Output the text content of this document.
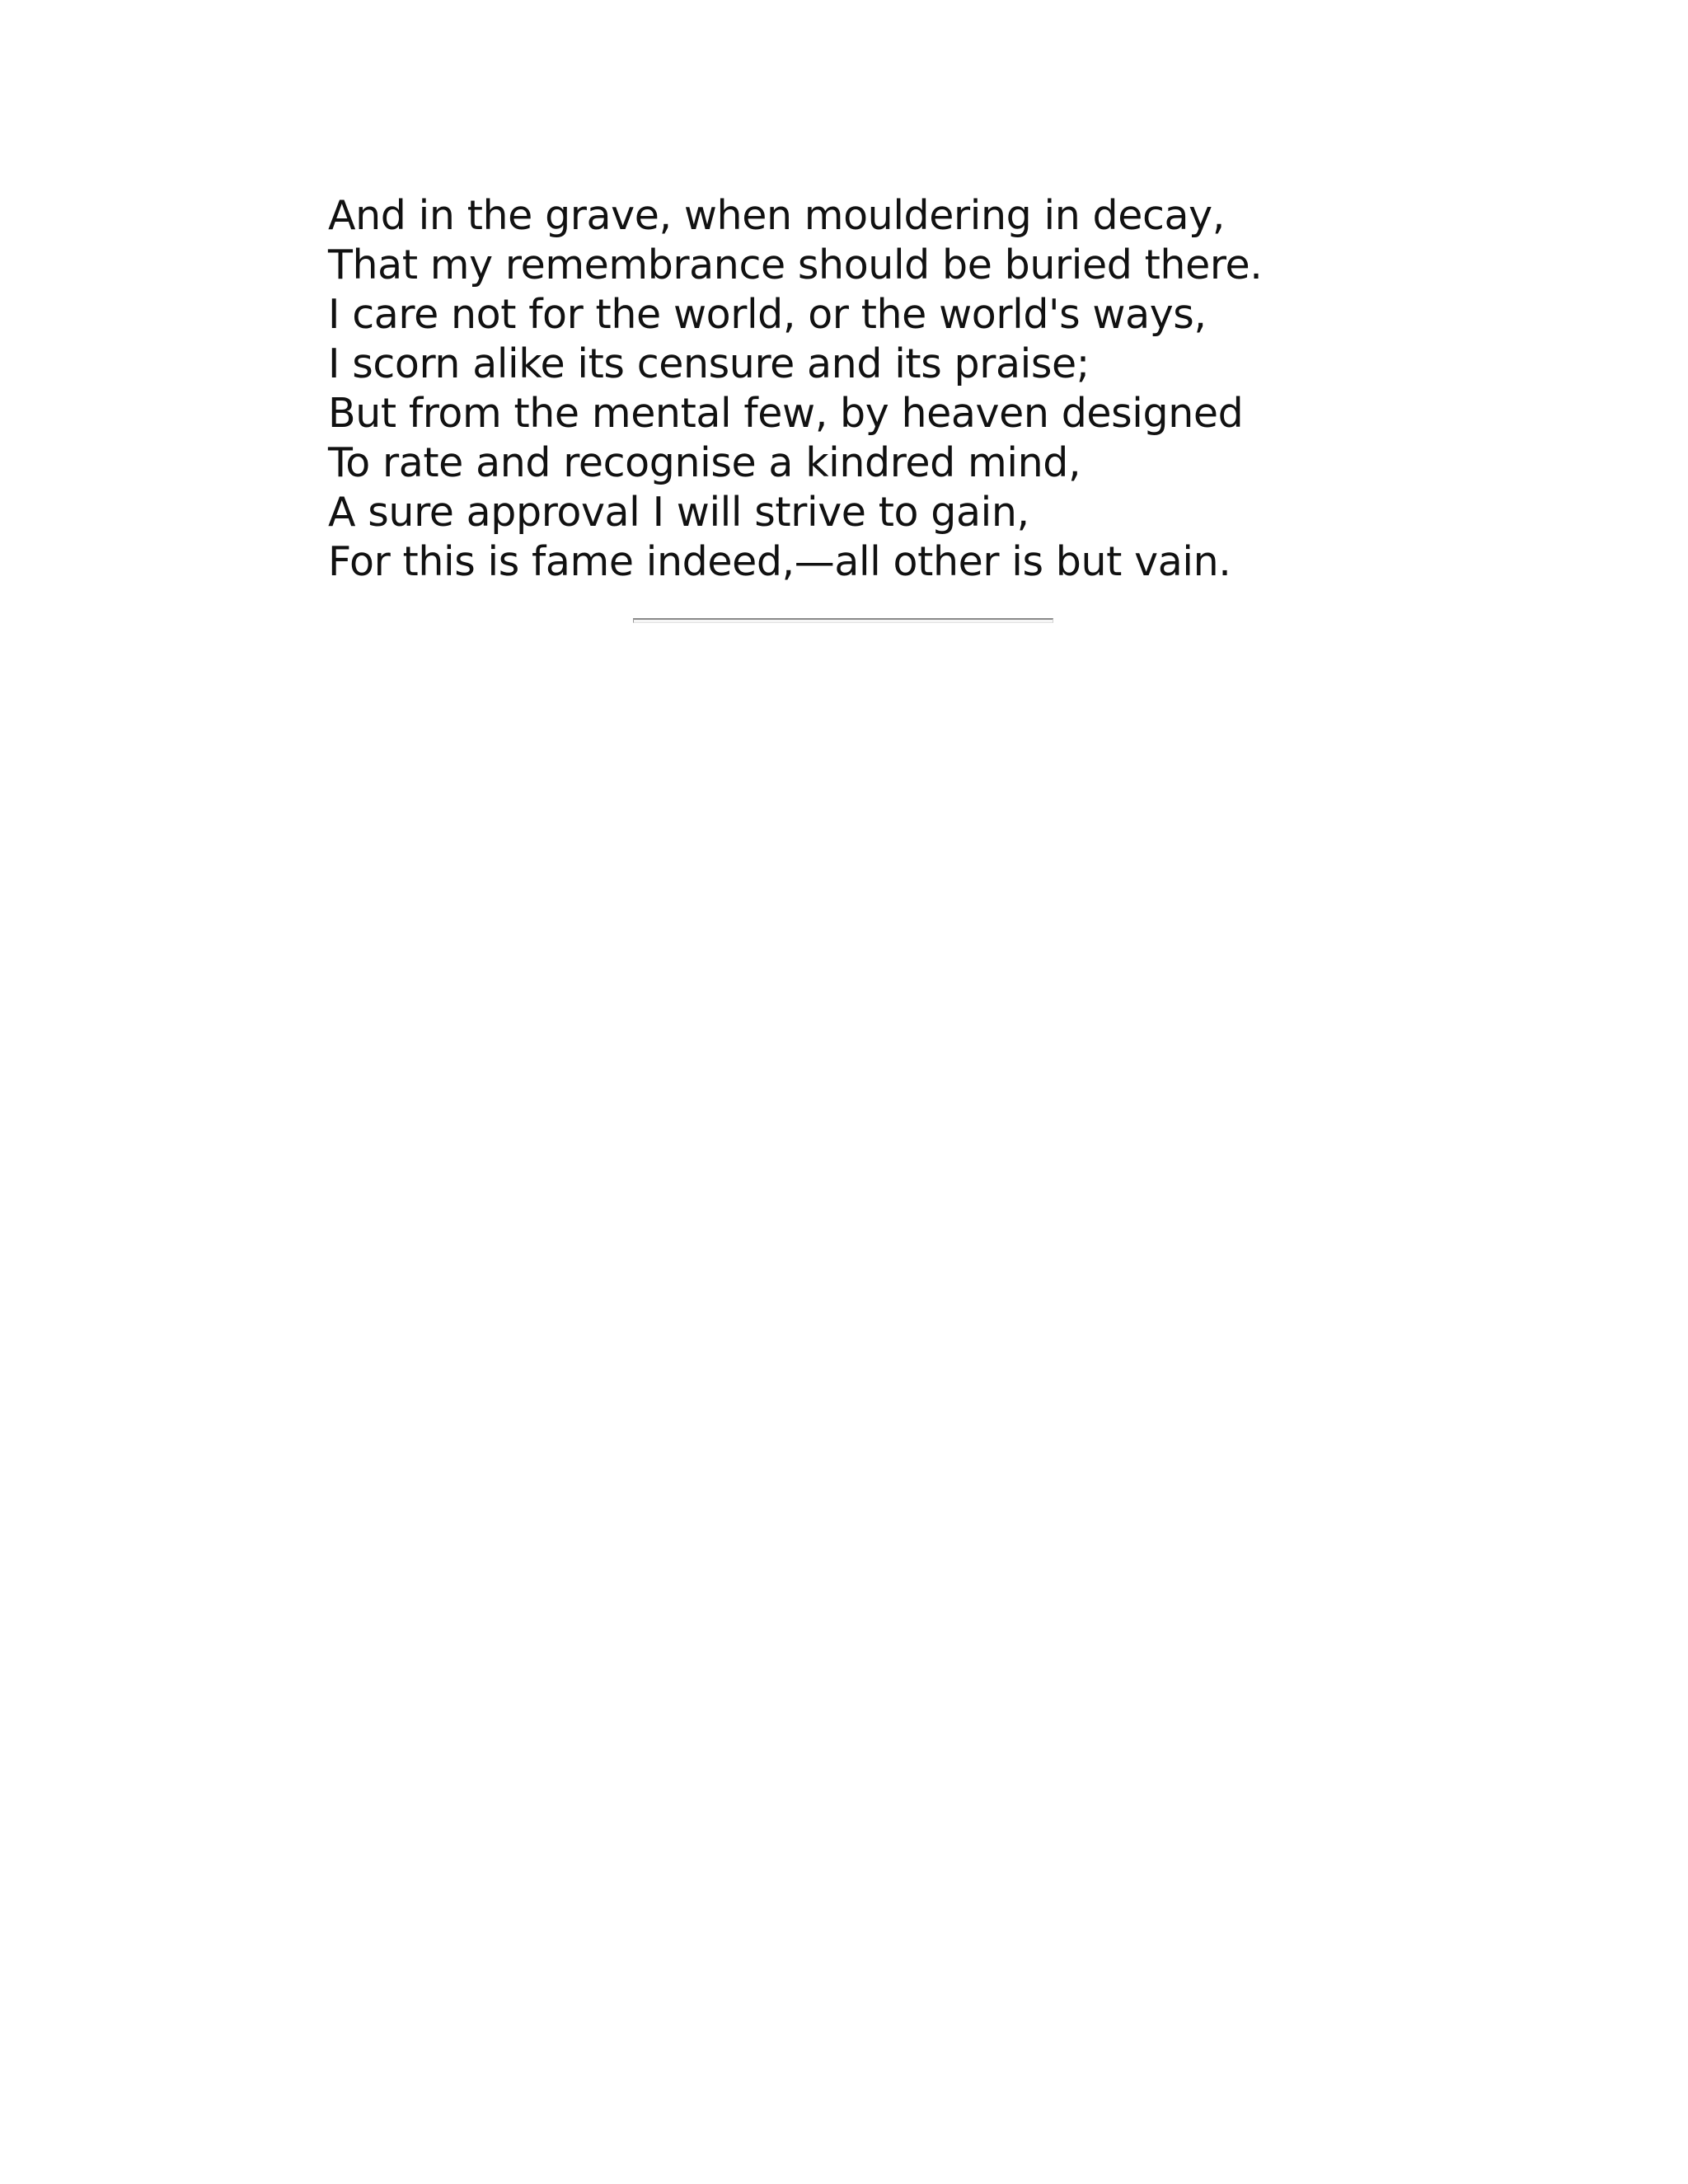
And in the grave, when mouldering in decay,
That my remembrance should be buried there.
I care not for the world, or the world's ways,
I scorn alike its censure and its praise;
But from the mental few, by heaven designed
To rate and recognise a kindred mind,
A sure approval I will strive to gain,
For this is fame indeed,—all other is but vain.
